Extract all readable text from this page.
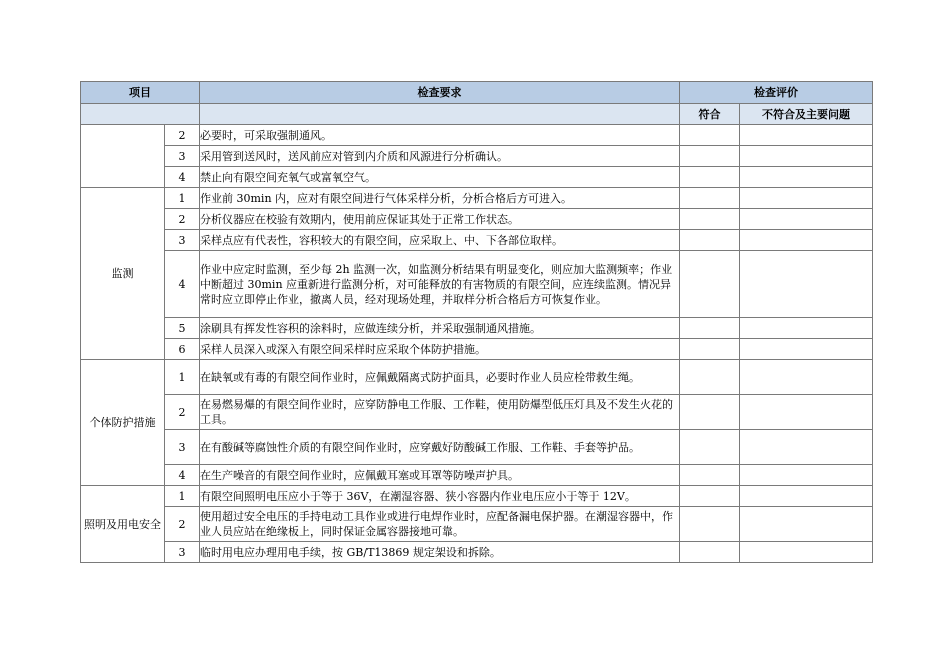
项目		检查要求	检查评价	
			符合	不符合及主要问题
	2	必要时，可采取强制通风。		
	3	采用管到送风时，送风前应对管到内介质和风源进行分析确认。		
	4	禁止向有限空间充氧气或富氧空气。		
监测	1	作业前 30min 内，应对有限空间进行气体采样分析，分析合格后方可进入。		
	2	分析仪器应在校验有效期内，使用前应保证其处于正常工作状态。		
	3	采样点应有代表性，容积较大的有限空间，应采取上、中、下各部位取样。		
	4	作业中应定时监测，至少每 2h 监测一次，如监测分析结果有明显变化，则应加大监测频率；作业中断超过 30min 应重新进行监测分析，对可能释放的有害物质的有限空间，应连续监测。情况异常时应立即停止作业，撤离人员，经对现场处理，并取样分析合格后方可恢复作业。		
	5	涂刷具有挥发性容积的涂料时，应做连续分析，并采取强制通风措施。		
	6	采样人员深入或深入有限空间采样时应采取个体防护措施。		
个体防护措施	1	在缺氧或有毒的有限空间作业时，应佩戴隔离式防护面具，必要时作业人员应栓带救生绳。		
	2	在易燃易爆的有限空间作业时，应穿防静电工作服、工作鞋，使用防爆型低压灯具及不发生火花的工具。		
	3	在有酸碱等腐蚀性介质的有限空间作业时，应穿戴好防酸碱工作服、工作鞋、手套等护品。		
	4	在生产噪音的有限空间作业时，应佩戴耳塞或耳罩等防噪声护具。		
照明及用电安全	1	有限空间照明电压应小于等于 36V，在潮湿容器、狭小容器内作业电压应小于等于 12V。		
	2	使用超过安全电压的手持电动工具作业或进行电焊作业时，应配备漏电保护器。在潮湿容器中，作业人员应站在绝缘板上，同时保证金属容器接地可靠。		
	3	临时用电应办理用电手续，按 GB/T13869 规定架设和拆除。		
